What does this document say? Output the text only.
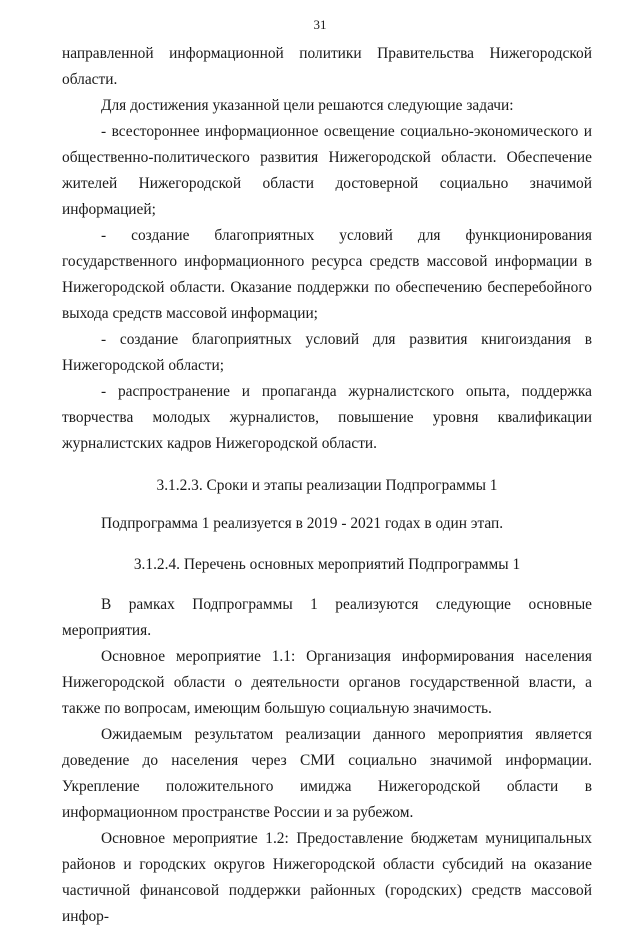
31

направленной информационной политики Правительства Нижегородской области.

Для достижения указанной цели решаются следующие задачи:

- всестороннее информационное освещение социально-экономического и общественно-политического развития Нижегородской области. Обеспечение жителей Нижегородской области достоверной социально значимой информацией;

- создание благоприятных условий для функционирования государственного информационного ресурса средств массовой информации в Нижегородской области. Оказание поддержки по обеспечению бесперебойного выхода средств массовой информации;

- создание благоприятных условий для развития книгоиздания в Нижегородской области;

- распространение и пропаганда журналистского опыта, поддержка творчества молодых журналистов, повышение уровня квалификации журналистских кадров Нижегородской области.

3.1.2.3. Сроки и этапы реализации Подпрограммы 1

Подпрограмма 1 реализуется в 2019 - 2021 годах в один этап.

3.1.2.4. Перечень основных мероприятий Подпрограммы 1

В рамках Подпрограммы 1 реализуются следующие основные мероприятия.

Основное мероприятие 1.1: Организация информирования населения Нижегородской области о деятельности органов государственной власти, а также по вопросам, имеющим большую социальную значимость.

Ожидаемым результатом реализации данного мероприятия является доведение до населения через СМИ социально значимой информации. Укрепление положительного имиджа Нижегородской области в информационном пространстве России и за рубежом.

Основное мероприятие 1.2: Предоставление бюджетам муниципальных районов и городских округов Нижегородской области субсидий на оказание частичной финансовой поддержки районных (городских) средств массовой инфор-
